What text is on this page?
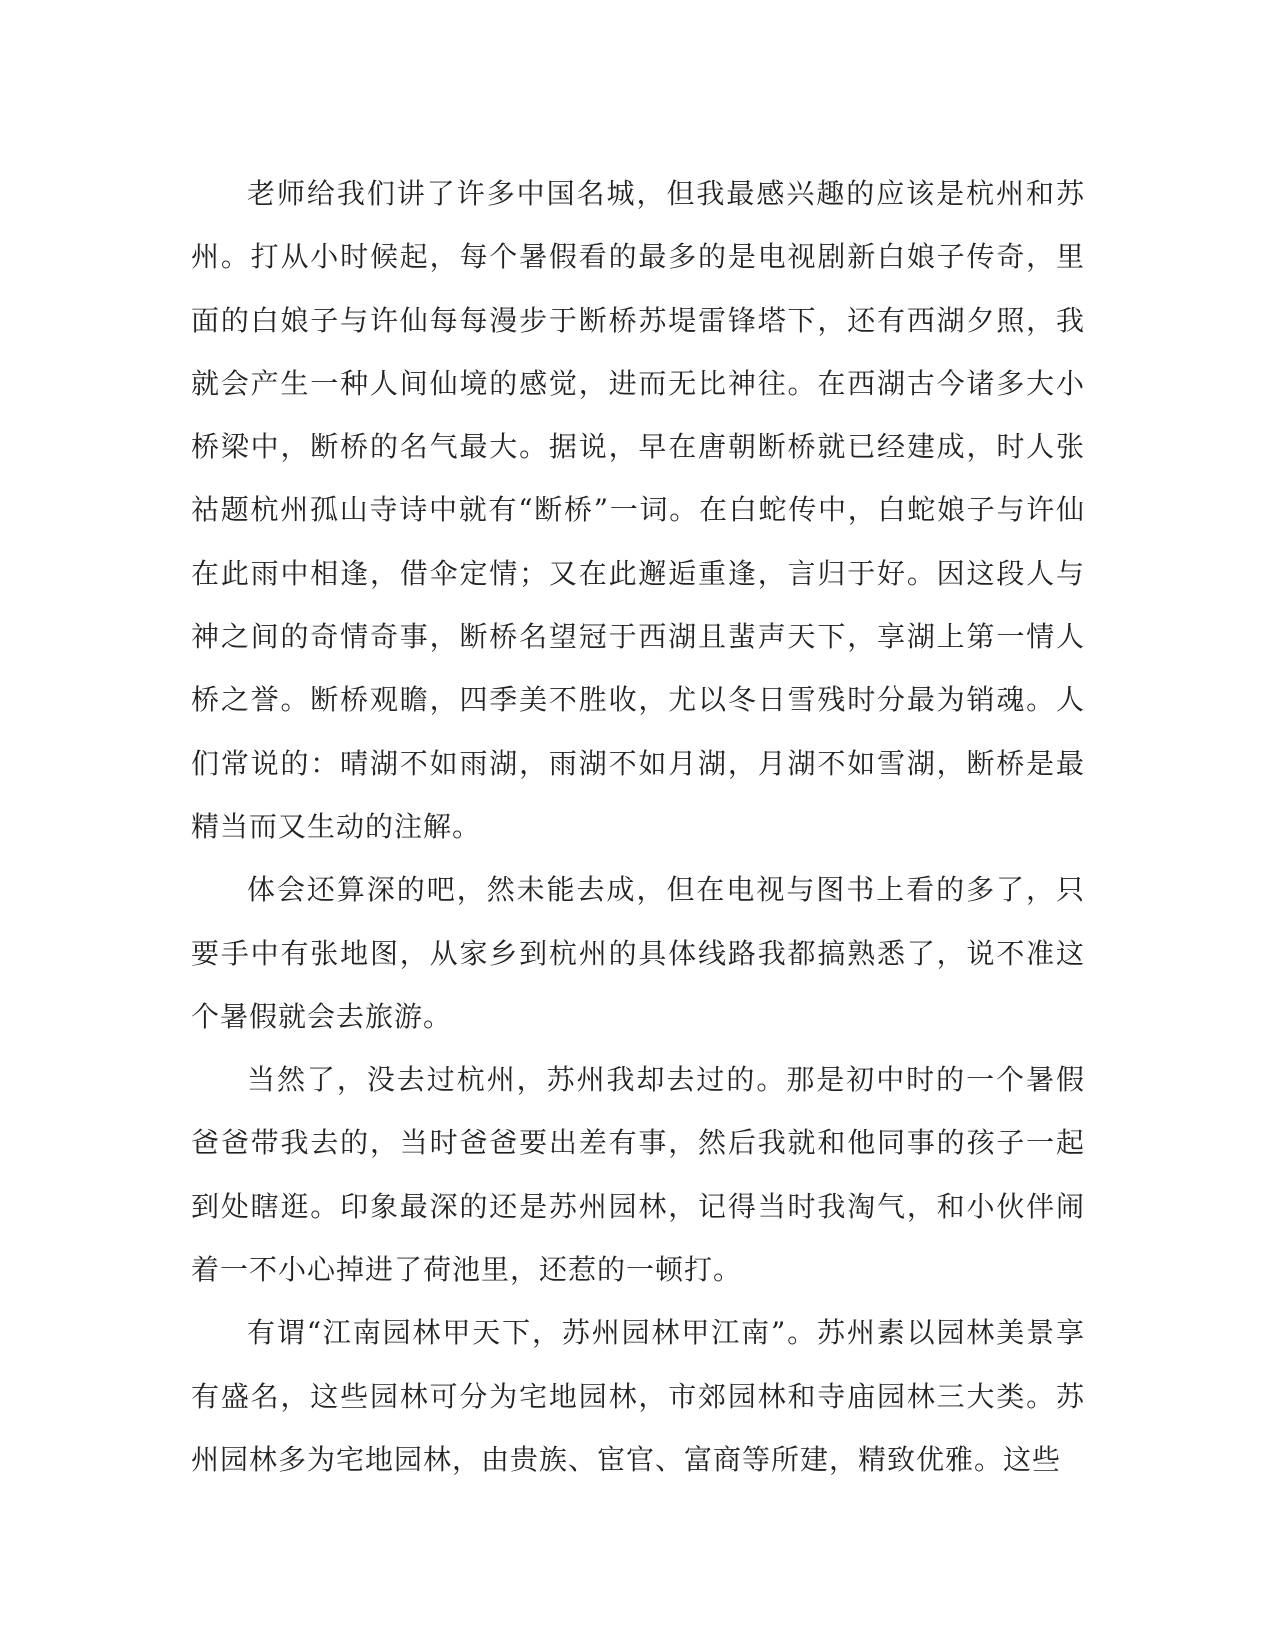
老师给我们讲了许多中国名城，但我最感兴趣的应该是杭州和苏州。打从小时候起，每个暑假看的最多的是电视剧新白娘子传奇，里面的白娘子与许仙每每漫步于断桥苏堤雷锋塔下，还有西湖夕照，我就会产生一种人间仙境的感觉，进而无比神往。在西湖古今诸多大小桥梁中，断桥的名气最大。据说，早在唐朝断桥就已经建成，时人张祜题杭州孤山寺诗中就有“断桥”一词。在白蛇传中，白蛇娘子与许仙在此雨中相逢，借伞定情；又在此邂逅重逢，言归于好。因这段人与神之间的奇情奇事，断桥名望冠于西湖且蜚声天下，享湖上第一情人桥之誉。断桥观瞻，四季美不胜收，尤以冬日雪残时分最为销魂。人们常说的：晴湖不如雨湖，雨湖不如月湖，月湖不如雪湖，断桥是最精当而又生动的注解。

体会还算深的吧，然未能去成，但在电视与图书上看的多了，只要手中有张地图，从家乡到杭州的具体线路我都搞熟悉了，说不准这个暑假就会去旅游。

当然了，没去过杭州，苏州我却去过的。那是初中时的一个暑假爸爸带我去的，当时爸爸要出差有事，然后我就和他同事的孩子一起到处瞎逛。印象最深的还是苏州园林，记得当时我淘气，和小伙伴闹着一不小心掉进了荷池里，还惹的一顿打。

有谓“江南园林甲天下，苏州园林甲江南”。苏州素以园林美景享有盛名，这些园林可分为宅地园林，市郊园林和寺庙园林三大类。苏州园林多为宅地园林，由贵族、宦官、富商等所建，精致优雅。这些
